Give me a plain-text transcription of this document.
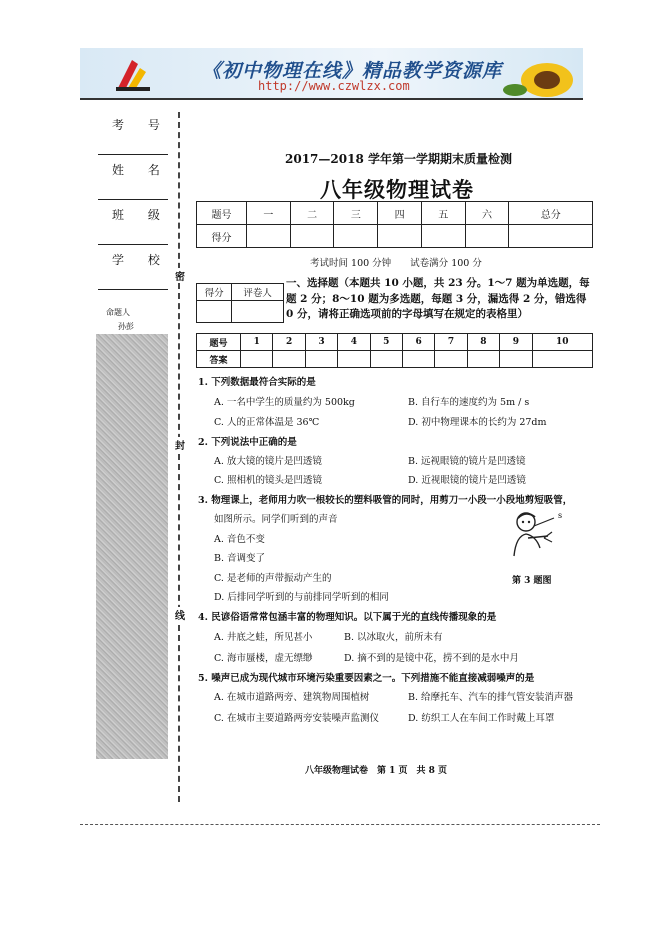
《初中物理在线》精品教学资源库
http://www.czwlzx.com
考 号
姓 名
班 级
学 校
命题人
孙彭
密
封
线
2017—2018 学年第一学期期末质量检测
八年级物理试卷
题号	一	二	三	四	五	六	总分
得分							
考试时间 100 分钟　　试卷满分 100 分
得分	评卷人

一、选择题（本题共 10 小题，共 23 分。1～7 题为单选题，每题 2 分；8～10 题为多选题，每题 3 分，漏选得 2 分，错选得 0 分，请将正确选项前的字母填写在规定的表格里）
题号	1	2	3	4	5	6	7	8	9	10
答案										
1. 下列数据最符合实际的是
A. 一名中学生的质量约为 500kg	B. 自行车的速度约为 5m / s
C. 人的正常体温是 36℃	D. 初中物理课本的长约为 27dm
2. 下列说法中正确的是
A. 放大镜的镜片是凹透镜	B. 远视眼镜的镜片是凹透镜
C. 照相机的镜头是凹透镜	D. 近视眼镜的镜片是凹透镜
3. 物理课上，老师用力吹一根较长的塑料吸管的同时，用剪刀一小段一小段地剪短吸管，
如图所示。同学们听到的声音
A. 音色不变
B. 音调变了
C. 是老师的声带振动产生的
D. 后排同学听到的与前排同学听到的相同
s
第 3 题图
4. 民谚俗语常常包涵丰富的物理知识。以下属于光的直线传播现象的是
A. 井底之蛙，所见甚小	B. 以冰取火，前所未有
C. 海市蜃楼，虚无缥缈	D. 摘不到的是镜中花，捞不到的是水中月
5. 噪声已成为现代城市环境污染重要因素之一。下列措施不能直接减弱噪声的是
A. 在城市道路两旁、建筑物周围植树	B. 给摩托车、汽车的排气管安装消声器
C. 在城市主要道路两旁安装噪声监测仪	D. 纺织工人在车间工作时戴上耳罩
八年级物理试卷　第 1 页　共 8 页
